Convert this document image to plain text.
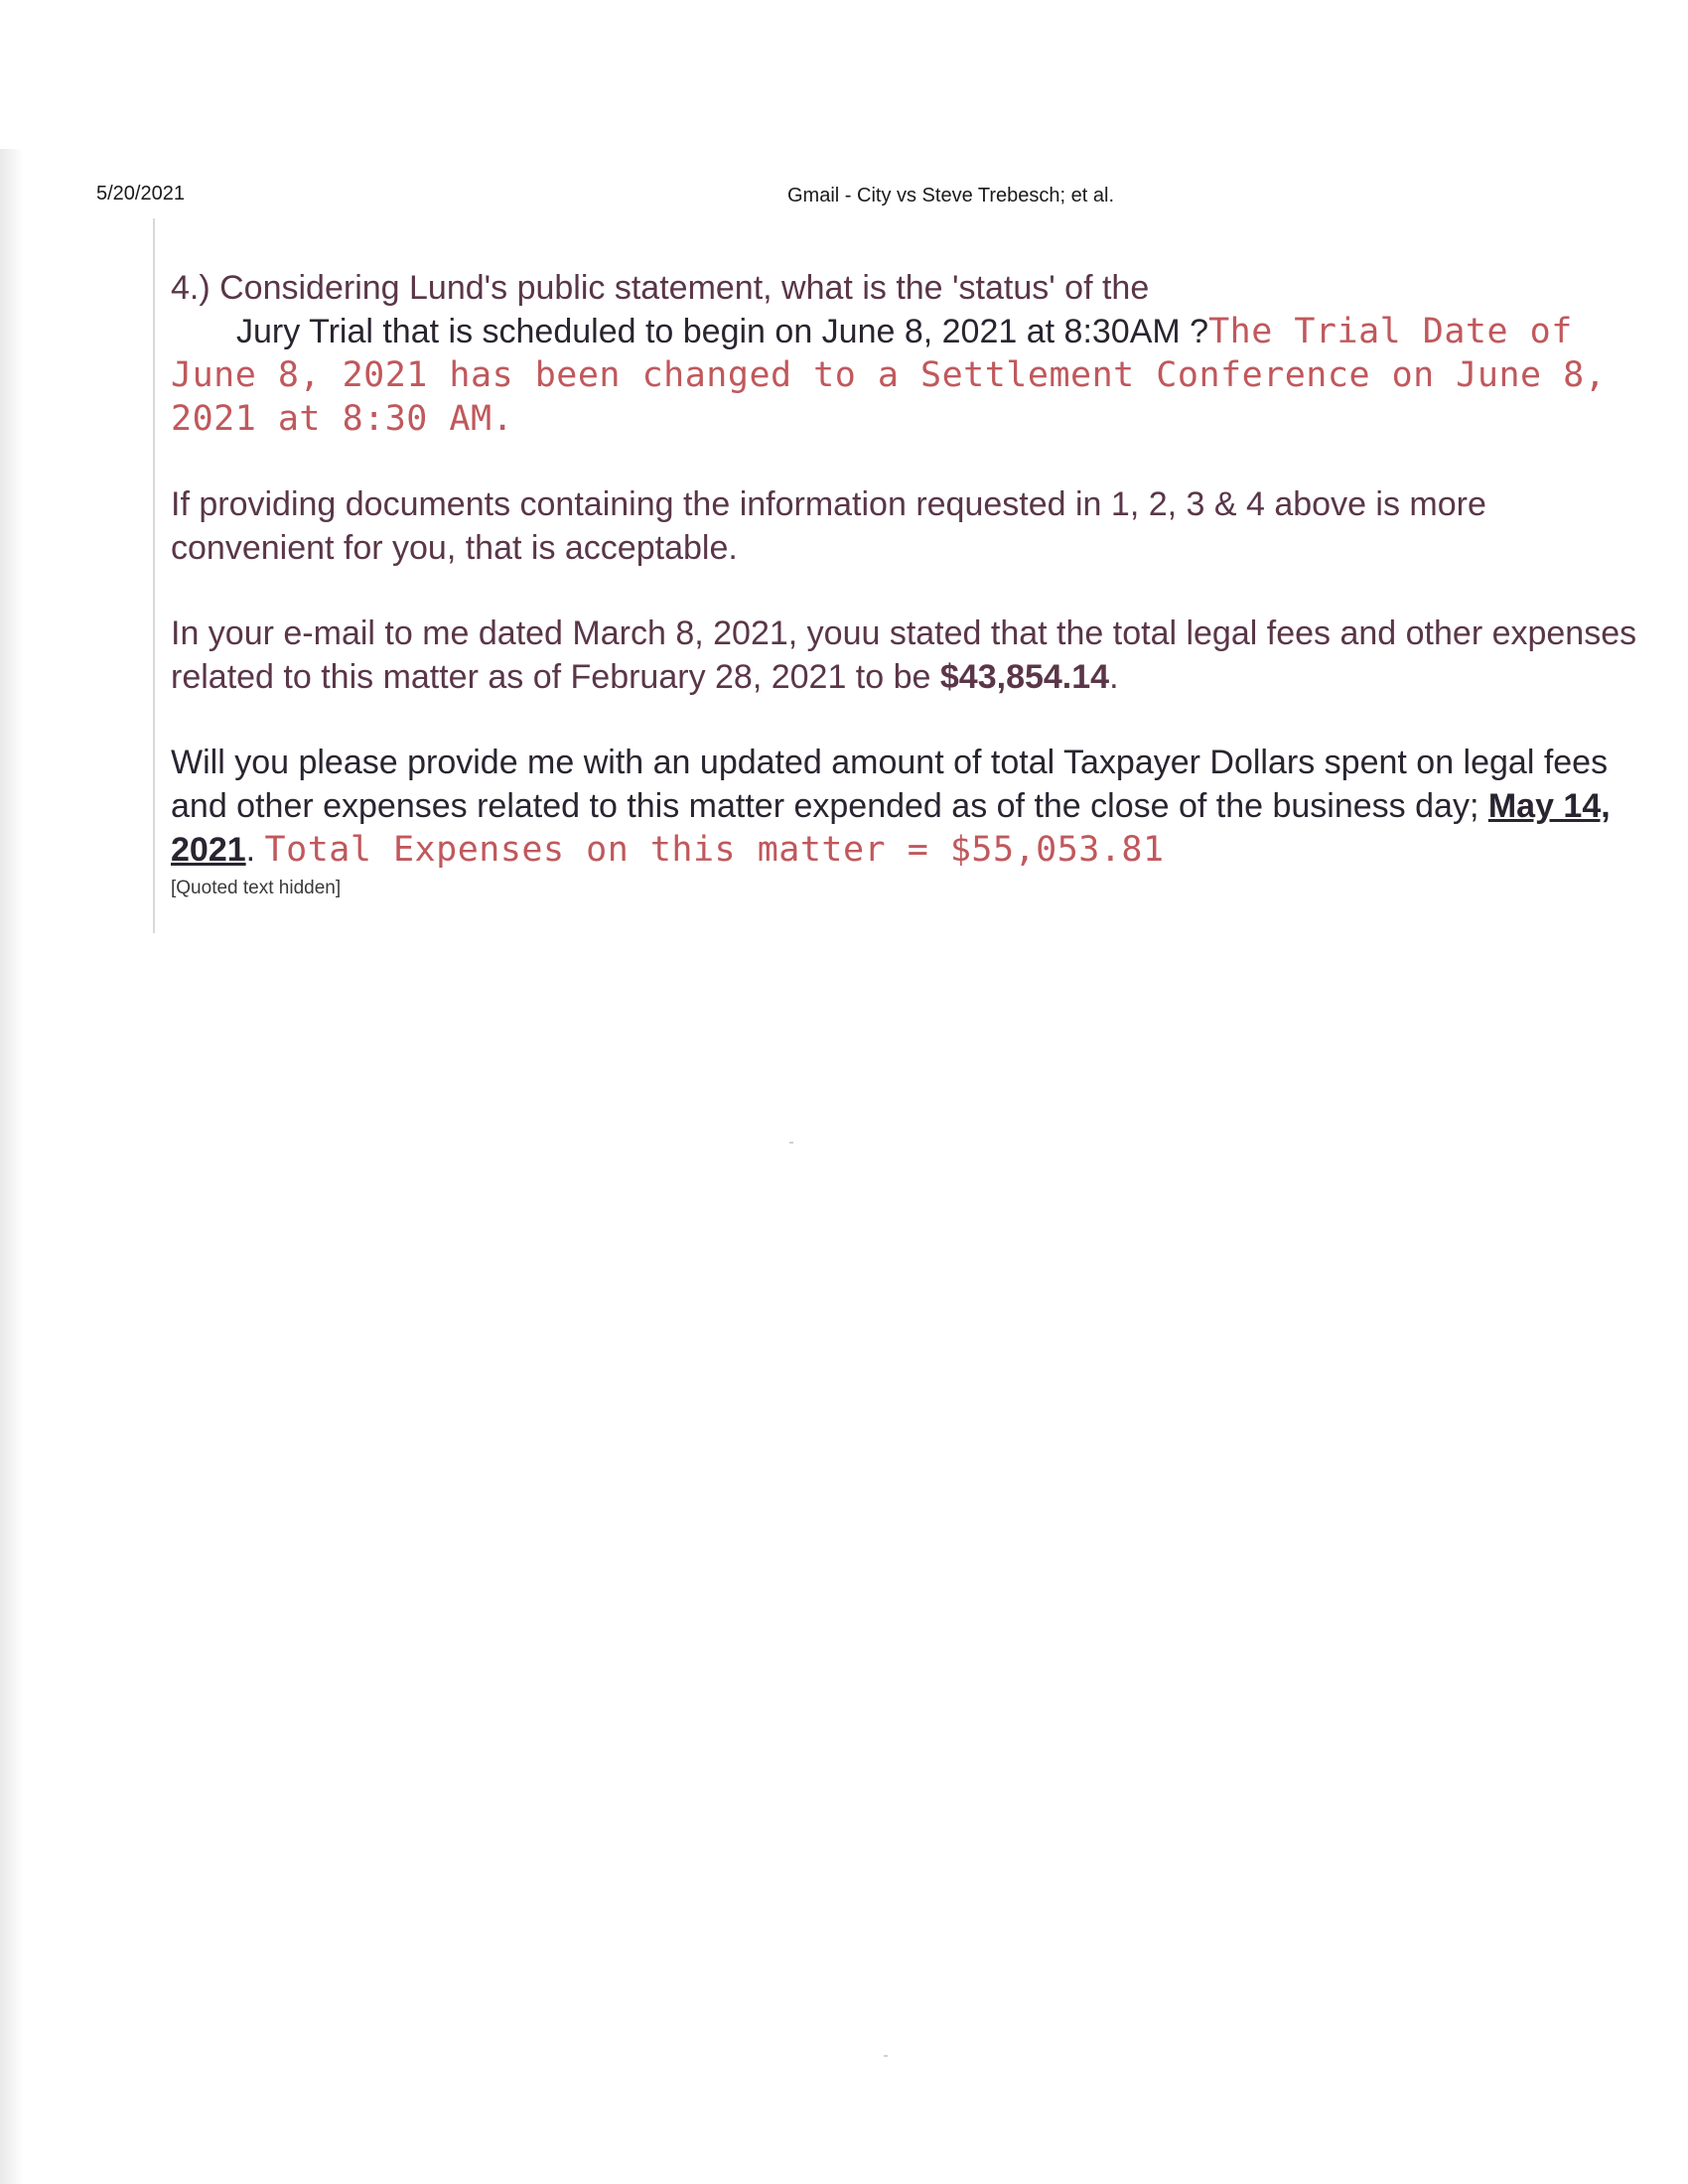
5/20/2021	Gmail - City vs Steve Trebesch; et al.

4.) Considering Lund's public statement, what is the 'status' of the
Jury Trial that is scheduled to begin on June 8, 2021 at 8:30AM ?The Trial Date of June 8, 2021 has been changed to a Settlement Conference on June 8, 2021 at 8:30 AM.

If providing documents containing the information requested in 1, 2, 3 & 4 above is more convenient for you, that is acceptable.

In your e-mail to me dated March 8, 2021, youu stated that the total legal fees and other expenses related to this matter as of February 28, 2021 to be $43,854.14.

Will you please provide me with an updated amount of total Taxpayer Dollars spent on legal fees and other expenses related to this matter expended as of the close of the business day; May 14, 2021. Total Expenses on this matter = $55,053.81

[Quoted text hidden]
